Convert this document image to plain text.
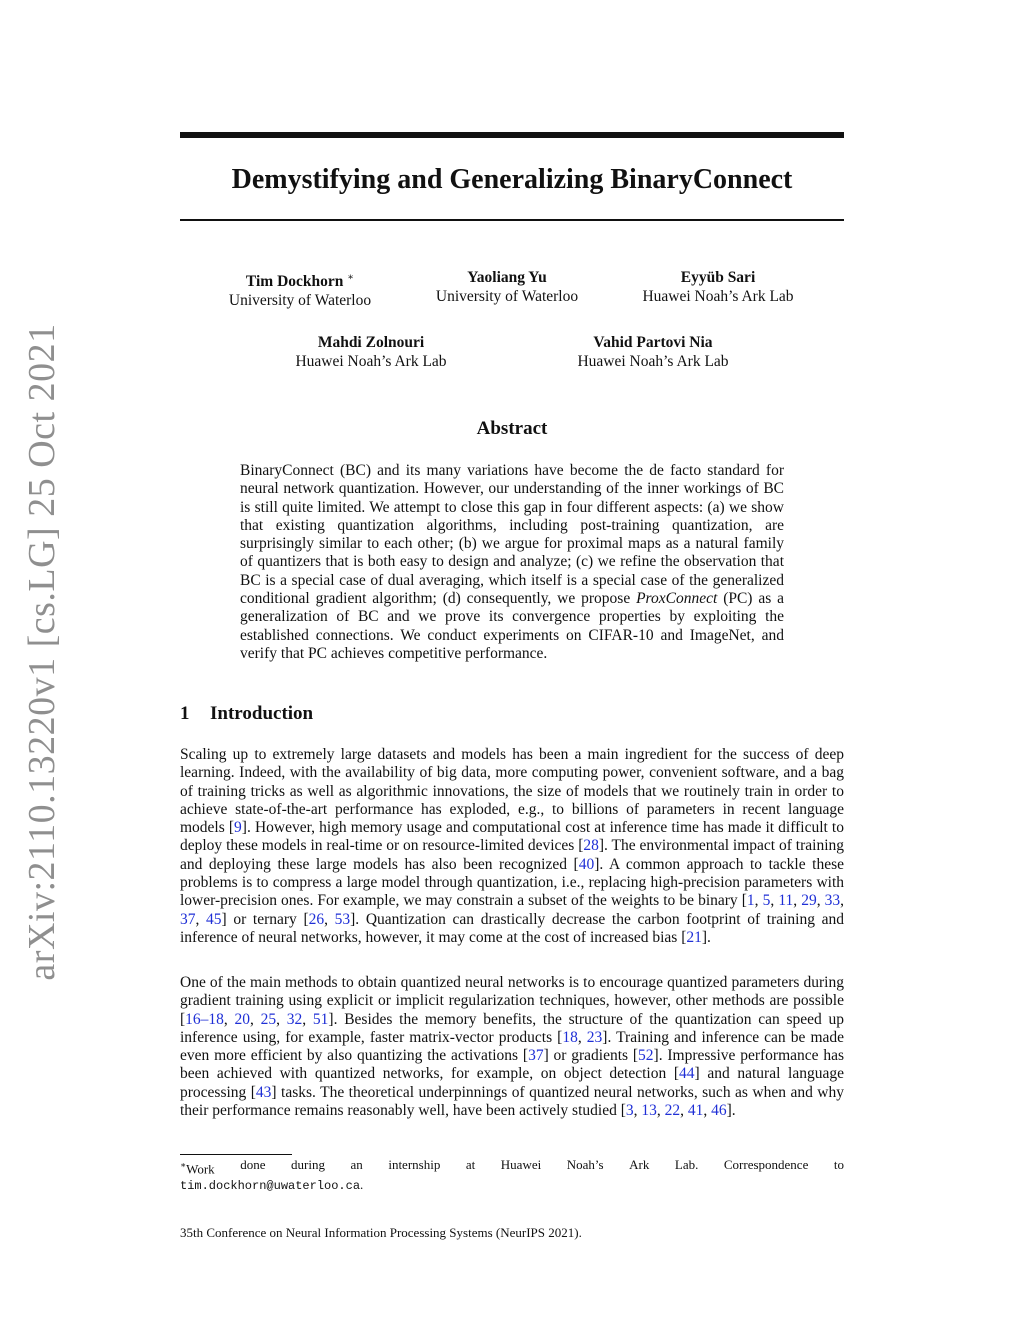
arXiv:2110.13220v1 [cs.LG] 25 Oct 2021
Demystifying and Generalizing BinaryConnect
Tim Dockhorn ∗
University of Waterloo
Yaoliang Yu
University of Waterloo
Eyyüb Sari
Huawei Noah’s Ark Lab
Mahdi Zolnouri
Huawei Noah’s Ark Lab
Vahid Partovi Nia
Huawei Noah’s Ark Lab
Abstract
BinaryConnect (BC) and its many variations have become the de facto standard for neural network quantization. However, our understanding of the inner workings of BC is still quite limited. We attempt to close this gap in four different aspects: (a) we show that existing quantization algorithms, including post-training quantization, are surprisingly similar to each other; (b) we argue for proximal maps as a natural family of quantizers that is both easy to design and analyze; (c) we refine the observation that BC is a special case of dual averaging, which itself is a special case of the generalized conditional gradient algorithm; (d) consequently, we propose ProxConnect (PC) as a generalization of BC and we prove its convergence properties by exploiting the established connections. We conduct experiments on CIFAR-10 and ImageNet, and verify that PC achieves competitive performance.
1 Introduction
Scaling up to extremely large datasets and models has been a main ingredient for the success of deep learning. Indeed, with the availability of big data, more computing power, convenient software, and a bag of training tricks as well as algorithmic innovations, the size of models that we routinely train in order to achieve state-of-the-art performance has exploded, e.g., to billions of parameters in recent language models [9]. However, high memory usage and computational cost at inference time has made it difficult to deploy these models in real-time or on resource-limited devices [28]. The environmental impact of training and deploying these large models has also been recognized [40]. A common approach to tackle these problems is to compress a large model through quantization, i.e., replacing high-precision parameters with lower-precision ones. For example, we may constrain a subset of the weights to be binary [1, 5, 11, 29, 33, 37, 45] or ternary [26, 53]. Quantization can drastically decrease the carbon footprint of training and inference of neural networks, however, it may come at the cost of increased bias [21].
One of the main methods to obtain quantized neural networks is to encourage quantized parameters during gradient training using explicit or implicit regularization techniques, however, other methods are possible [16–18, 20, 25, 32, 51]. Besides the memory benefits, the structure of the quantization can speed up inference using, for example, faster matrix-vector products [18, 23]. Training and inference can be made even more efficient by also quantizing the activations [37] or gradients [52]. Impressive performance has been achieved with quantized networks, for example, on object detection [44] and natural language processing [43] tasks. The theoretical underpinnings of quantized neural networks, such as when and why their performance remains reasonably well, have been actively studied [3, 13, 22, 41, 46].
∗Work done during an internship at Huawei Noah’s Ark Lab. Correspondence to
tim.dockhorn@uwaterloo.ca.
35th Conference on Neural Information Processing Systems (NeurIPS 2021).
